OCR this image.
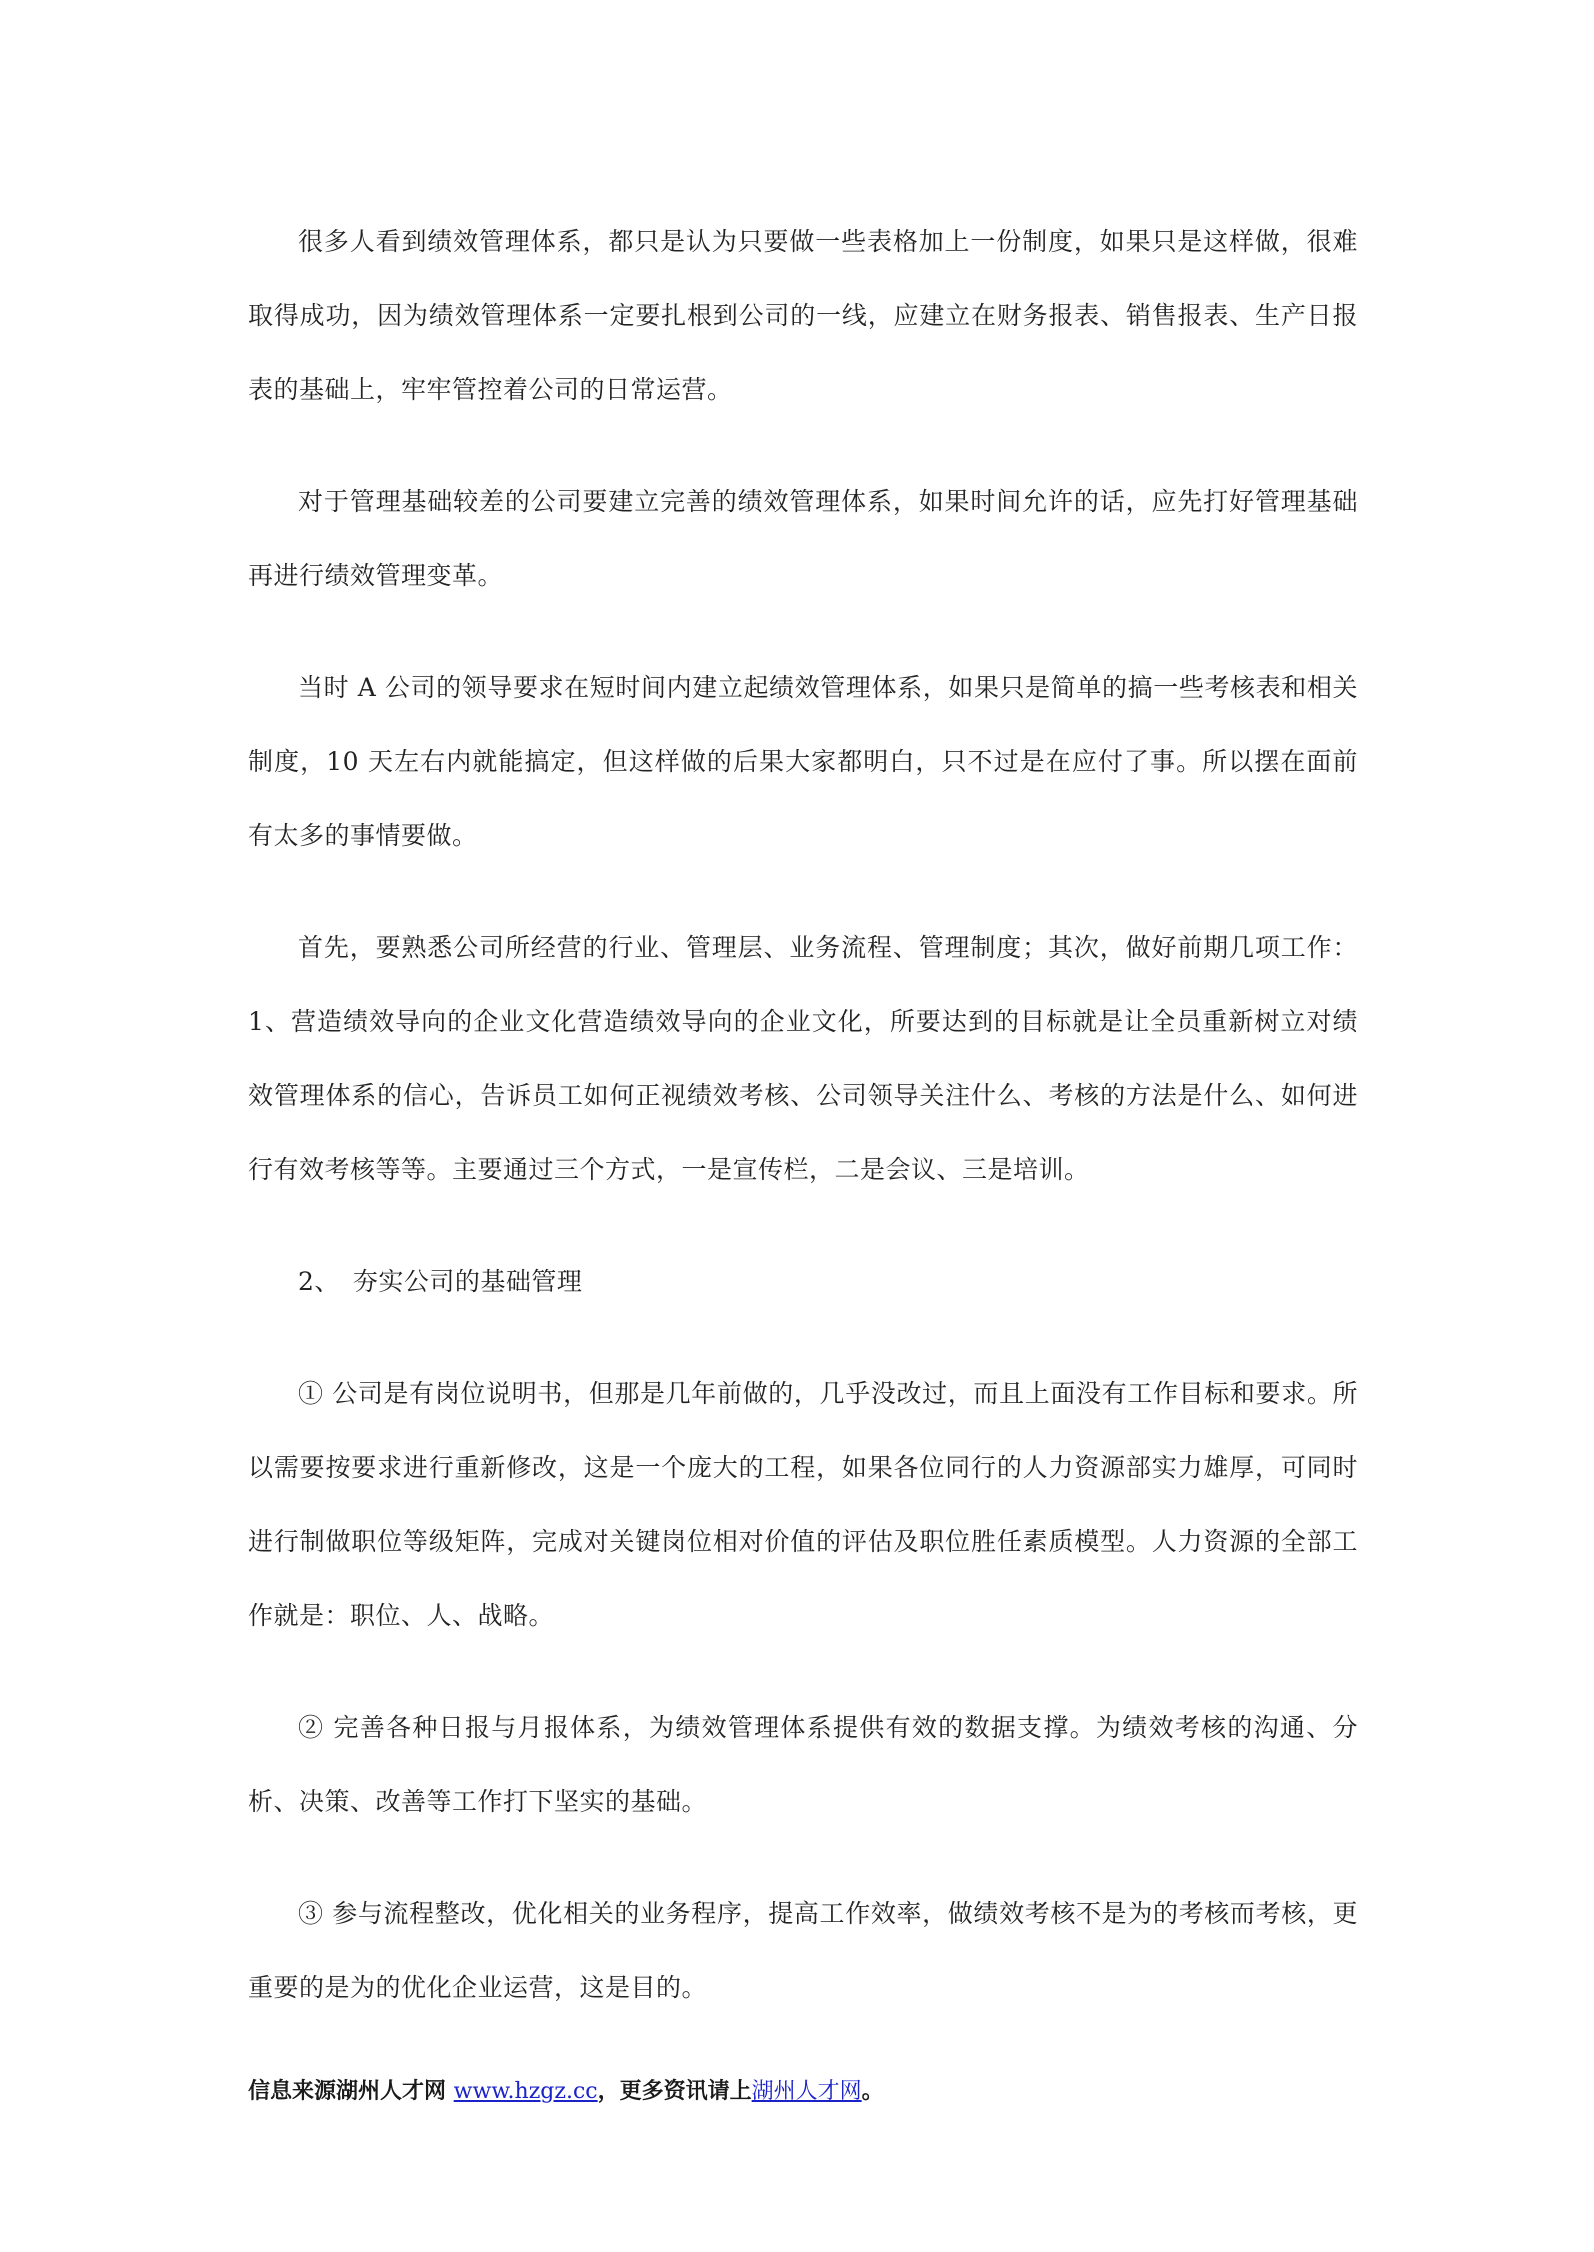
很多人看到绩效管理体系，都只是认为只要做一些表格加上一份制度，如果只是这样做，很难取得成功，因为绩效管理体系一定要扎根到公司的一线，应建立在财务报表、销售报表、生产日报表的基础上，牢牢管控着公司的日常运营。

对于管理基础较差的公司要建立完善的绩效管理体系，如果时间允许的话，应先打好管理基础再进行绩效管理变革。

当时 A 公司的领导要求在短时间内建立起绩效管理体系，如果只是简单的搞一些考核表和相关制度，10 天左右内就能搞定，但这样做的后果大家都明白，只不过是在应付了事。所以摆在面前有太多的事情要做。

首先，要熟悉公司所经营的行业、管理层、业务流程、管理制度；其次，做好前期几项工作：1、营造绩效导向的企业文化营造绩效导向的企业文化，所要达到的目标就是让全员重新树立对绩效管理体系的信心，告诉员工如何正视绩效考核、公司领导关注什么、考核的方法是什么、如何进行有效考核等等。主要通过三个方式，一是宣传栏，二是会议、三是培训。

2、　夯实公司的基础管理

① 公司是有岗位说明书，但那是几年前做的，几乎没改过，而且上面没有工作目标和要求。所以需要按要求进行重新修改，这是一个庞大的工程，如果各位同行的人力资源部实力雄厚，可同时进行制做职位等级矩阵，完成对关键岗位相对价值的评估及职位胜任素质模型。人力资源的全部工作就是：职位、人、战略。

② 完善各种日报与月报体系，为绩效管理体系提供有效的数据支撑。为绩效考核的沟通、分析、决策、改善等工作打下坚实的基础。

③ 参与流程整改，优化相关的业务程序，提高工作效率，做绩效考核不是为的考核而考核，更重要的是为的优化企业运营，这是目的。

信息来源湖州人才网 www.hzgz.cc，更多资讯请上湖州人才网。
